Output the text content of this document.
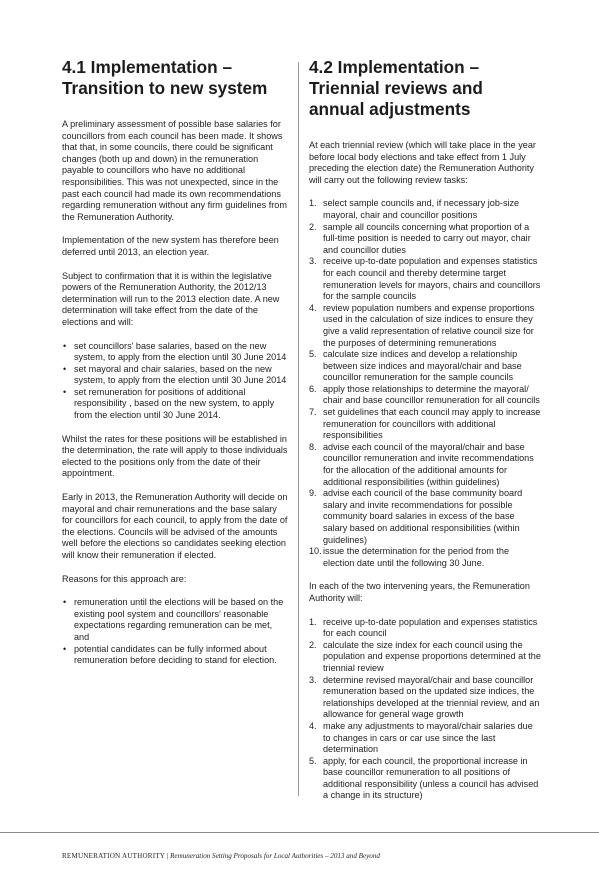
4.1 Implementation –
Transition to new system

A preliminary assessment of possible base salaries for councillors from each council has been made. It shows that that, in some councils, there could be significant changes (both up and down) in the remuneration payable to councillors who have no additional responsibilities. This was not unexpected, since in the past each council had made its own recommendations regarding remuneration without any firm guidelines from the Remuneration Authority.

Implementation of the new system has therefore been deferred until 2013, an election year.

Subject to confirmation that it is within the legislative powers of the Remuneration Authority, the 2012/13 determination will run to the 2013 election date. A new determination will take effect from the date of the elections and will:

• set councillors' base salaries, based on the new system, to apply from the election until 30 June 2014
• set mayoral and chair salaries, based on the new system, to apply from the election until 30 June 2014
• set remuneration for positions of additional responsibility , based on the new system, to apply from the election until 30 June 2014.

Whilst the rates for these positions will be established in the determination, the rate will apply to those individuals elected to the positions only from the date of their appointment.

Early in 2013, the Remuneration Authority will decide on mayoral and chair remunerations and the base salary for councillors for each council, to apply from the date of the elections. Councils will be advised of the amounts well before the elections so candidates seeking election will know their remuneration if elected.

Reasons for this approach are:

• remuneration until the elections will be based on the existing pool system and councillors' reasonable expectations regarding remuneration can be met, and
• potential candidates can be fully informed about remuneration before deciding to stand for election.
4.2 Implementation –
Triennial reviews and
annual adjustments

At each triennial review (which will take place in the year before local body elections and take effect from 1 July preceding the election date) the Remuneration Authority will carry out the following review tasks:

1. select sample councils and, if necessary job-size mayoral, chair and councillor positions
2. sample all councils concerning what proportion of a full-time position is needed to carry out mayor, chair and councillor duties
3. receive up-to-date population and expenses statistics for each council and thereby determine target remuneration levels for mayors, chairs and councillors for the sample councils
4. review population numbers and expense proportions used in the calculation of size indices to ensure they give a valid representation of relative council size for the purposes of determining remunerations
5. calculate size indices and develop a relationship between size indices and mayoral/chair and base councillor remuneration for the sample councils
6. apply those relationships to determine the mayoral/ chair and base councillor remuneration for all councils
7. set guidelines that each council may apply to increase remuneration for councillors with additional responsibilities
8. advise each council of the mayoral/chair and base councillor remuneration and invite recommendations for the allocation of the additional amounts for additional responsibilities (within guidelines)
9. advise each council of the base community board salary and invite recommendations for possible community board salaries in excess of the base salary based on additional responsibilities (within guidelines)
10. issue the determination for the period from the election date until the following 30 June.

In each of the two intervening years, the Remuneration Authority will:

1. receive up-to-date population and expenses statistics for each council
2. calculate the size index for each council using the population and expense proportions determined at the triennial review
3. determine revised mayoral/chair and base councillor remuneration based on the updated size indices, the relationships developed at the triennial review, and an allowance for general wage growth
4. make any adjustments to mayoral/chair salaries due to changes in cars or car use since the last determination
5. apply, for each council, the proportional increase in base councillor remuneration to all positions of additional responsibility (unless a council has advised a change in its structure)
REMUNERATION AUTHORITY | Remuneration Setting Proposals for Local Authorities – 2013 and Beyond
